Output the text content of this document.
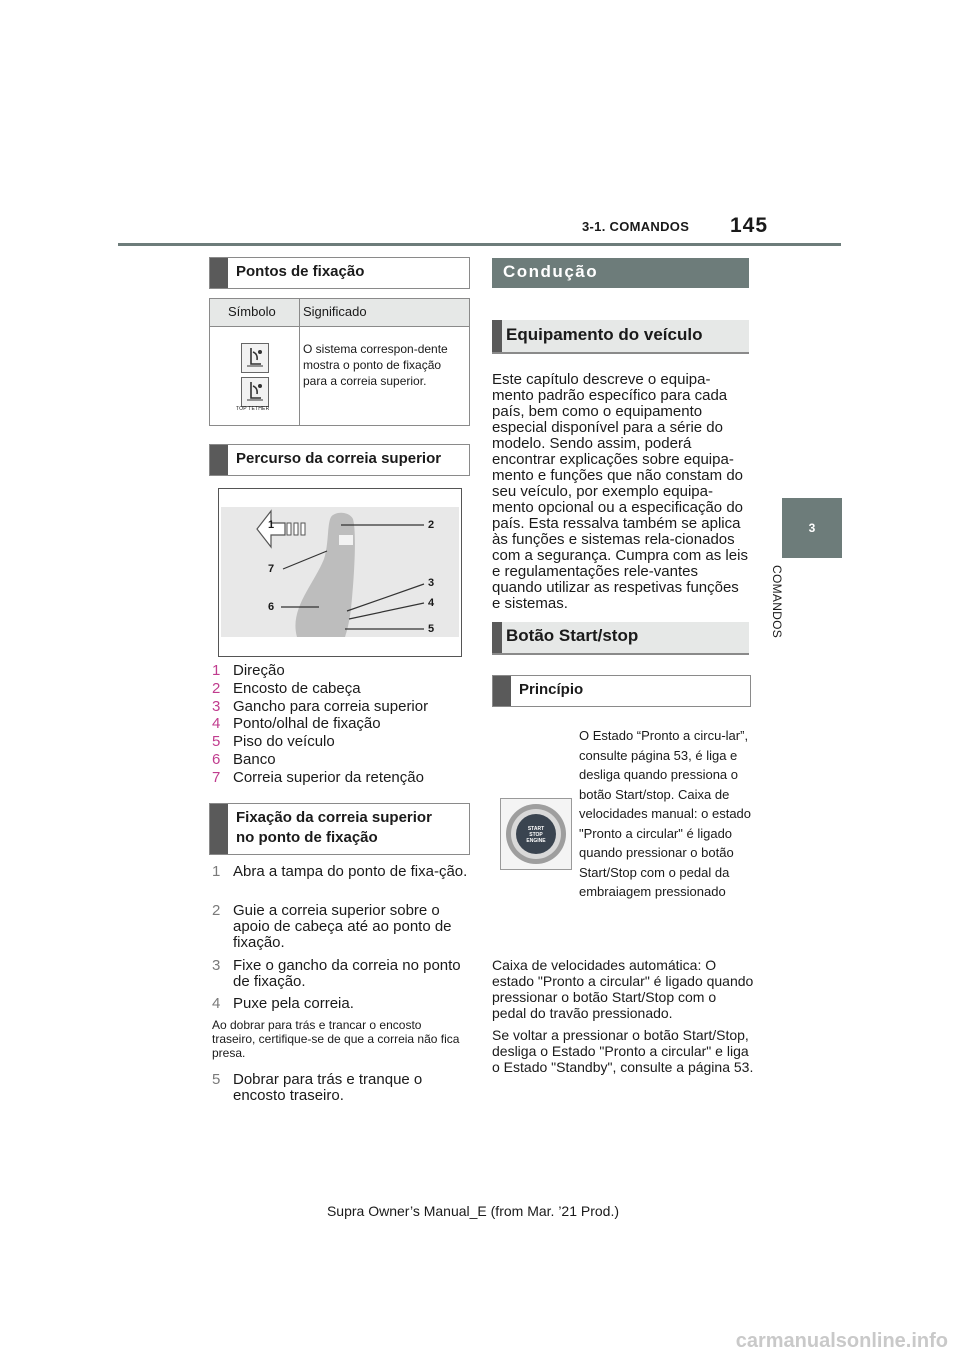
3-1. COMANDOS 145
3
COMANDOS
Pontos de fixação
Símbolo Significado
TOP TETHER
O sistema correspon-dente mostra o ponto de fixação para a correia superior.
Percurso da correia superior
1	2
3
4
5
6
7
1 Direção
2 Encosto de cabeça
3 Gancho para correia superior
4 Ponto/olhal de fixação
5 Piso do veículo
6 Banco
7 Correia superior da retenção
Fixação da correia superior
no ponto de fixação
1 Abra a tampa do ponto de fixa-ção.
2 Guie a correia superior sobre o apoio de cabeça até ao ponto de fixação.
3 Fixe o gancho da correia no ponto de fixação.
4 Puxe pela correia.
Ao dobrar para trás e trancar o encosto traseiro, certifique-se de que a correia não fica presa.
5 Dobrar para trás e tranque o encosto traseiro.
Condução
Equipamento do veículo
Este capítulo descreve o equipa-mento padrão específico para cada país, bem como o equipamento especial disponível para a série do modelo. Sendo assim, poderá encontrar explicações sobre equipa-mento e funções que não constam do seu veículo, por exemplo equipa-mento opcional ou a especificação do país. Esta ressalva também se aplica às funções e sistemas rela-cionados com a segurança. Cumpra com as leis e regulamentações rele-vantes quando utilizar as respetivas funções e sistemas.
Botão Start/stop
Princípio
START
STOP
ENGINE
O Estado “Pronto a circu-lar”, consulte página 53, é liga e desliga quando pressiona o botão Start/stop. Caixa de velocidades manual: o estado "Pronto a circular" é ligado quando pressionar o botão Start/Stop com o pedal da embraiagem pressionado
Caixa de velocidades automática: O estado "Pronto a circular" é ligado quando pressionar o botão Start/Stop com o pedal do travão pressionado.
Se voltar a pressionar o botão Start/Stop, desliga o Estado "Pronto a circular" e liga o Estado "Standby", consulte a página 53.
Supra Owner’s Manual_E (from Mar. ’21 Prod.)
carmanualsonline.info
